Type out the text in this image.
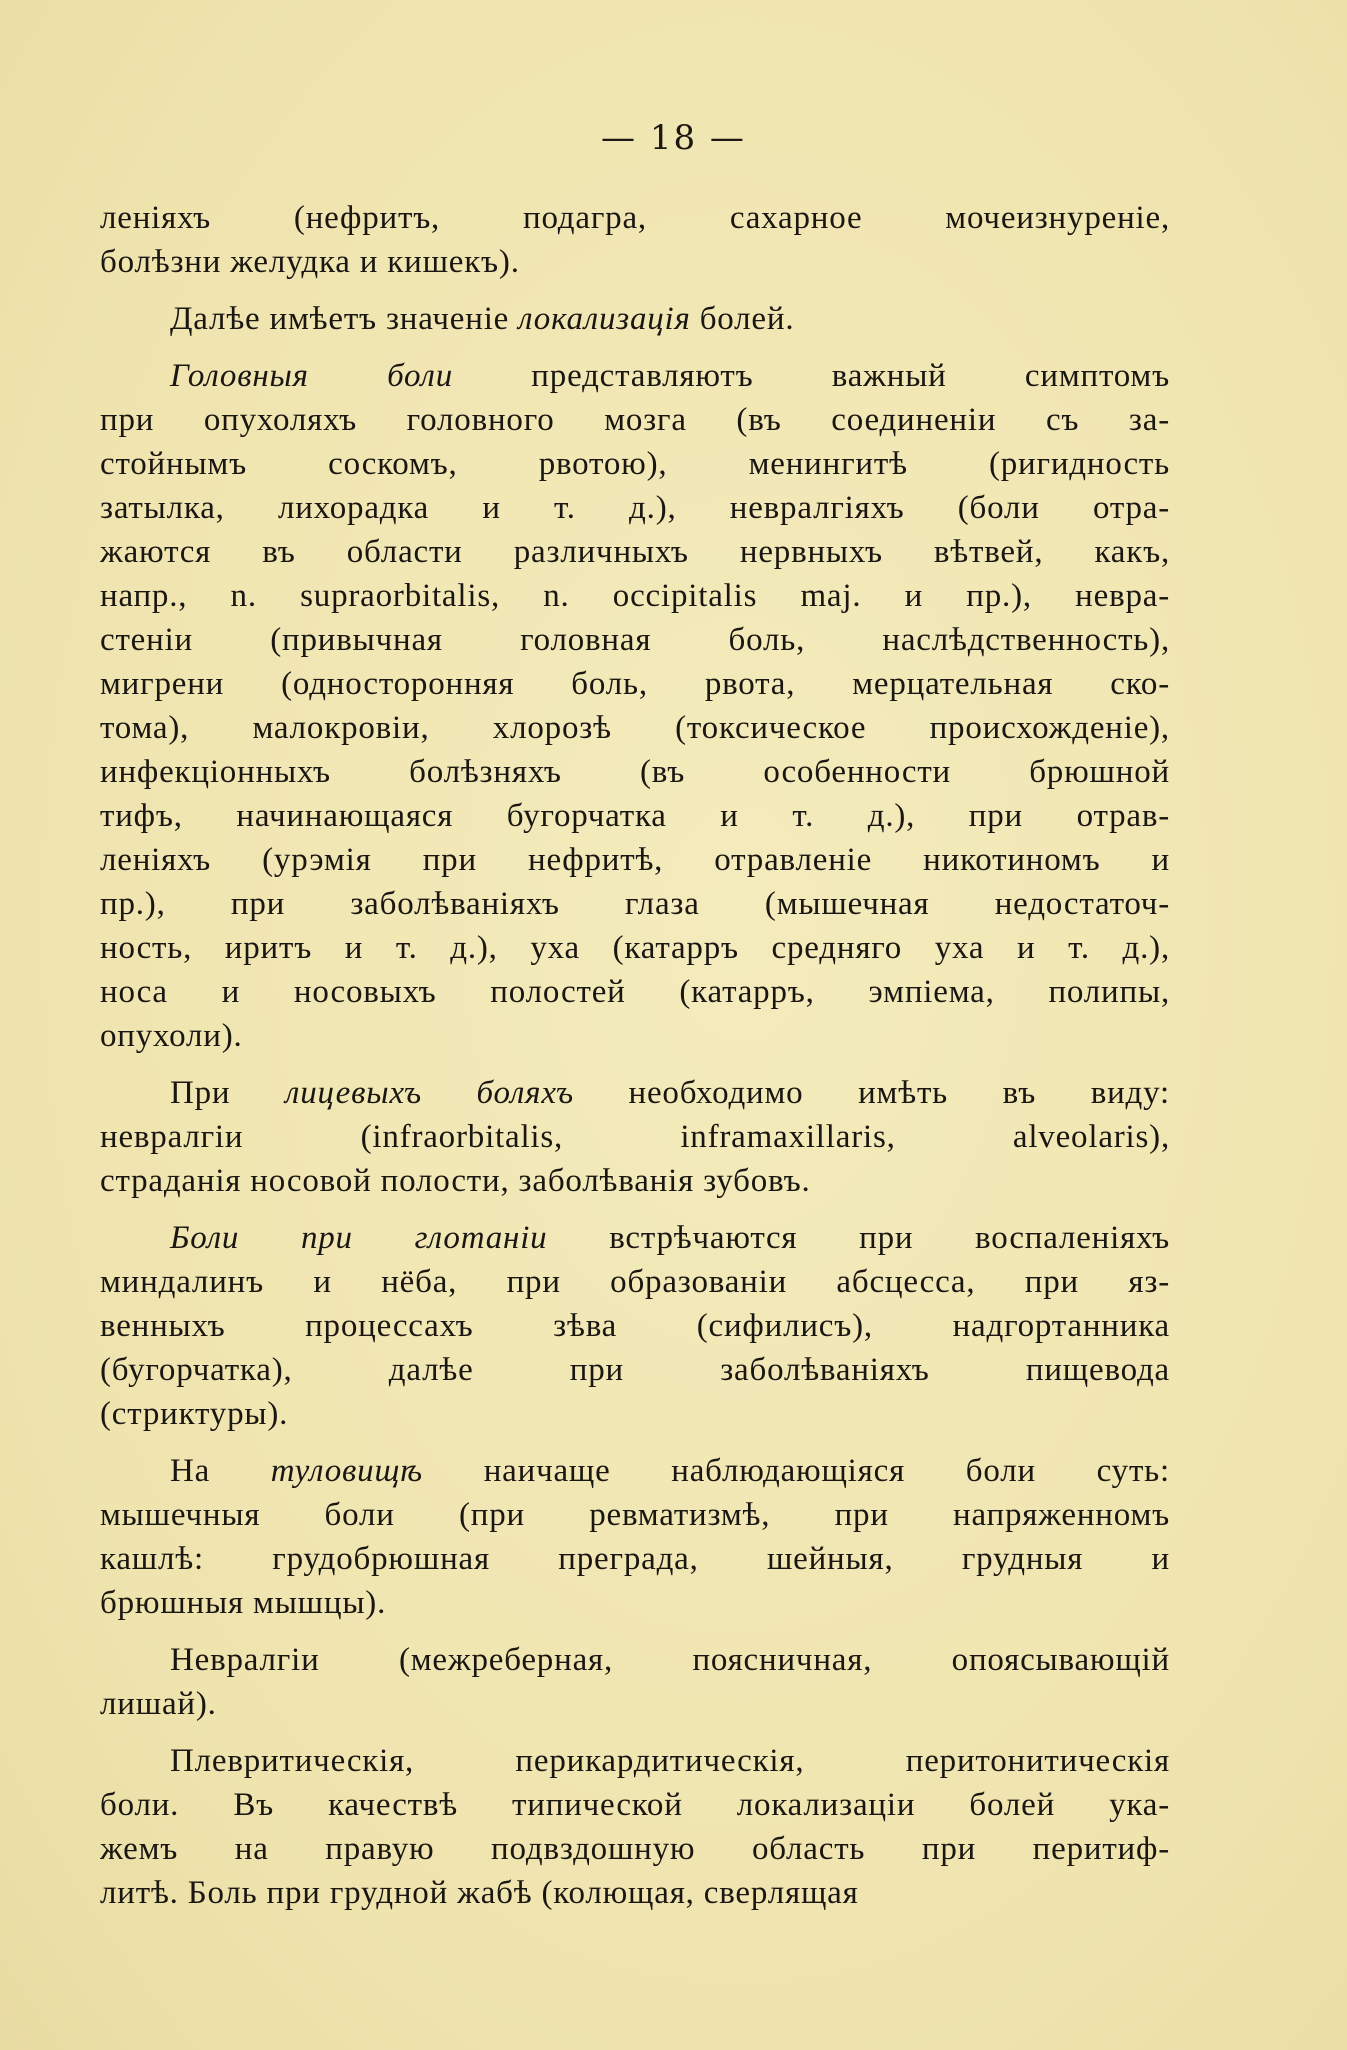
— 18 —
леніяхъ (нефритъ, подагра, сахарное мочеизнуреніе,
болѣзни желудка и кишекъ).
Далѣе имѣетъ значеніе локализація болей.
Головныя боли представляютъ важный симптомъ
при опухоляхъ головного мозга (въ соединеніи съ за-
стойнымъ соскомъ, рвотою), менингитѣ (ригидность
затылка, лихорадка и т. д.), невралгіяхъ (боли отра-
жаются въ области различныхъ нервныхъ вѣтвей, какъ,
напр., n. supraorbitalis, n. occipitalis maj. и пр.), невра-
стеніи (привычная головная боль, наслѣдственность),
мигрени (односторонняя боль, рвота, мерцательная ско-
тома), малокровіи, хлорозѣ (токсическое происхожденіе),
инфекціонныхъ болѣзняхъ (въ особенности брюшной
тифъ, начинающаяся бугорчатка и т. д.), при отрав-
леніяхъ (урэмія при нефритѣ, отравленіе никотиномъ и
пр.), при заболѣваніяхъ глаза (мышечная недостаточ-
ность, иритъ и т. д.), уха (катарръ средняго уха и т. д.),
носа и носовыхъ полостей (катарръ, эмпіема, полипы,
опухоли).
При лицевыхъ боляхъ необходимо имѣть въ виду:
невралгіи (infraorbitalis, inframaxillaris, alveolaris),
страданія носовой полости, заболѣванія зубовъ.
Боли при глотаніи встрѣчаются при воспаленіяхъ
миндалинъ и нёба, при образованіи абсцесса, при яз-
венныхъ процессахъ зѣва (сифилисъ), надгортанника
(бугорчатка), далѣе при заболѣваніяхъ пищевода
(стриктуры).
На туловищѣ наичаще наблюдающіяся боли суть:
мышечныя боли (при ревматизмѣ, при напряженномъ
кашлѣ: грудобрюшная преграда, шейныя, грудныя и
брюшныя мышцы).
Невралгіи (межреберная, поясничная, опоясывающій
лишай).
Плевритическія, перикардитическія, перитонитическія
боли. Въ качествѣ типической локализаціи болей ука-
жемъ на правую подвздошную область при перитиф-
литѣ. Боль при грудной жабѣ (колющая, сверлящая
